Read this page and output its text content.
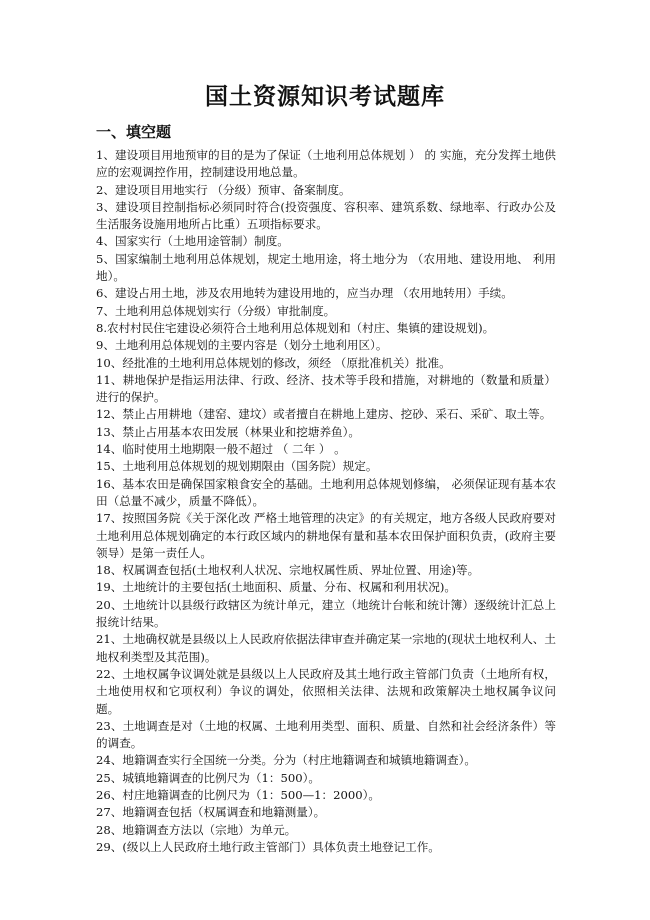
国土资源知识考试题库
一、填空题

1、建设项目用地预审的目的是为了保证（土地利用总体规划 ） 的 实施，充分发挥土地供应的宏观调控作用，控制建设用地总量。

2、建设项目用地实行 （分级）预审、备案制度。

3、建设项目控制指标必须同时符合(投资强度、容积率、建筑系数、绿地率、行政办公及生活服务设施用地所占比重）五项指标要求。

4、国家实行（土地用途管制）制度。

5、国家编制土地利用总体规划，规定土地用途，将土地分为 （农用地、建设用地、 利用地）。

6、建设占用土地，涉及农用地转为建设用地的，应当办理 （农用地转用）手续。

7、土地利用总体规划实行（分级）审批制度。

8.农村村民住宅建设必须符合土地利用总体规划和（村庄、集镇的建设规划)。

9、土地利用总体规划的主要内容是（划分土地利用区）。

10、经批准的土地利用总体规划的修改，须经 （原批准机关）批准。

11、耕地保护是指运用法律、行政、经济、技术等手段和措施，对耕地的（数量和质量）进行的保护。

12、禁止占用耕地（建窑、建坟）或者擅自在耕地上建房、挖砂、采石、采矿、取土等。

13、禁止占用基本农田发展（林果业和挖塘养鱼）。

14、临时使用土地期限一般不超过 （ 二年 ） 。

15、土地利用总体规划的规划期限由（国务院）规定。

16、基本农田是确保国家粮食安全的基础。土地利用总体规划修编， 必须保证现有基本农田（总量不减少，质量不降低）。

17、按照国务院《关于深化改 严格土地管理的决定》的有关规定，地方各级人民政府要对土地利用总体规划确定的本行政区域内的耕地保有量和基本农田保护面积负责，(政府主要领导）是第一责任人。

18、权属调查包括(土地权利人状况、宗地权属性质、界址位置、用途)等。

19、土地统计的主要包括(土地面积、质量、分布、权属和利用状况)。

20、土地统计以县级行政辖区为统计单元，建立（地统计台帐和统计簿）逐级统计汇总上报统计结果。

21、土地确权就是县级以上人民政府依据法律审查并确定某一宗地的(现状土地权利人、土地权利类型及其范围)。

22、土地权属争议调处就是县级以上人民政府及其土地行政主管部门负责（土地所有权，土地使用权和它项权利）争议的调处，依照相关法律、法规和政策解决土地权属争议问题。

23、土地调查是对（土地的权属、土地利用类型、面积、质量、自然和社会经济条件）等的调查。

24、地籍调查实行全国统一分类。分为（村庄地籍调查和城镇地籍调查）。

25、城镇地籍调查的比例尺为（1：500）。

26、村庄地籍调查的比例尺为（1：500—1：2000）。

27、地籍调查包括（权属调查和地籍测量）。

28、地籍调查方法以（宗地）为单元。

29、(级以上人民政府土地行政主管部门）具体负责土地登记工作。
